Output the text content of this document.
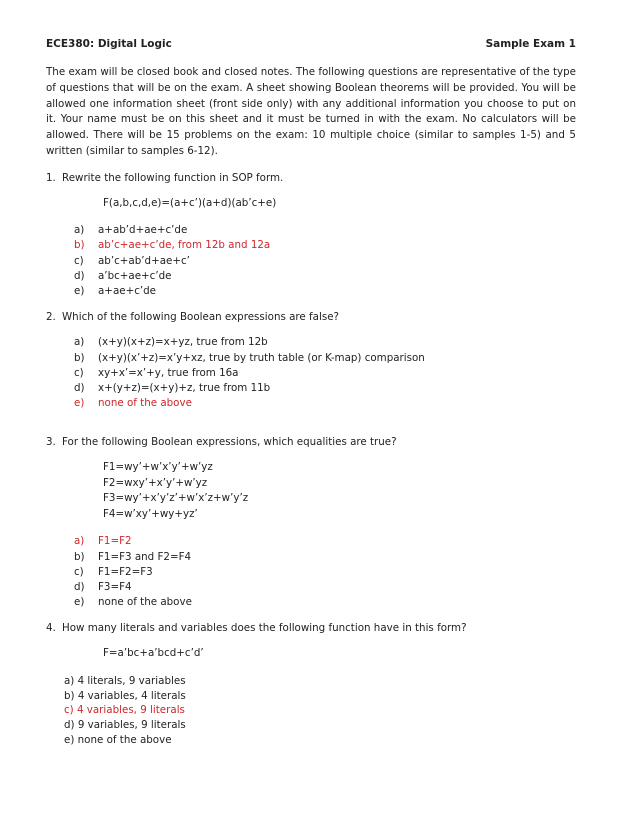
ECE380: Digital Logic	Sample Exam 1
The exam will be closed book and closed notes. The following questions are representative of the type of questions that will be on the exam. A sheet showing Boolean theorems will be provided. You will be allowed one information sheet (front side only) with any additional information you choose to put on it. Your name must be on this sheet and it must be turned in with the exam. No calculators will be allowed. There will be 15 problems on the exam: 10 multiple choice (similar to samples 1-5) and 5 written (similar to samples 6-12).
1. Rewrite the following function in SOP form.
F(a,b,c,d,e)=(a+c’)(a+d)(ab’c+e)
a)	a+ab’d+ae+c’de
b)	ab’c+ae+c’de, from 12b and 12a
c)	ab’c+ab’d+ae+c’
d)	a’bc+ae+c’de
e)	a+ae+c’de
2. Which of the following Boolean expressions are false?
a)	(x+y)(x+z)=x+yz, true from 12b
b)	(x+y)(x’+z)=x’y+xz, true by truth table (or K-map) comparison
c)	xy+x’=x’+y, true from 16a
d)	x+(y+z)=(x+y)+z, true from 11b
e)	none of the above
3. For the following Boolean expressions, which equalities are true?
F1=wy’+w’x’y’+w’yz
F2=wxy’+x’y’+w’yz
F3=wy’+x’y’z’+w’x’z+w’y’z
F4=w’xy’+wy+yz’
a)	F1=F2
b)	F1=F3 and F2=F4
c)	F1=F2=F3
d)	F3=F4
e)	none of the above
4. How many literals and variables does the following function have in this form?
F=a’bc+a’bcd+c’d’
a) 4 literals, 9 variables
b) 4 variables, 4 literals
c) 4 variables, 9 literals
d) 9 variables, 9 literals
e) none of the above
